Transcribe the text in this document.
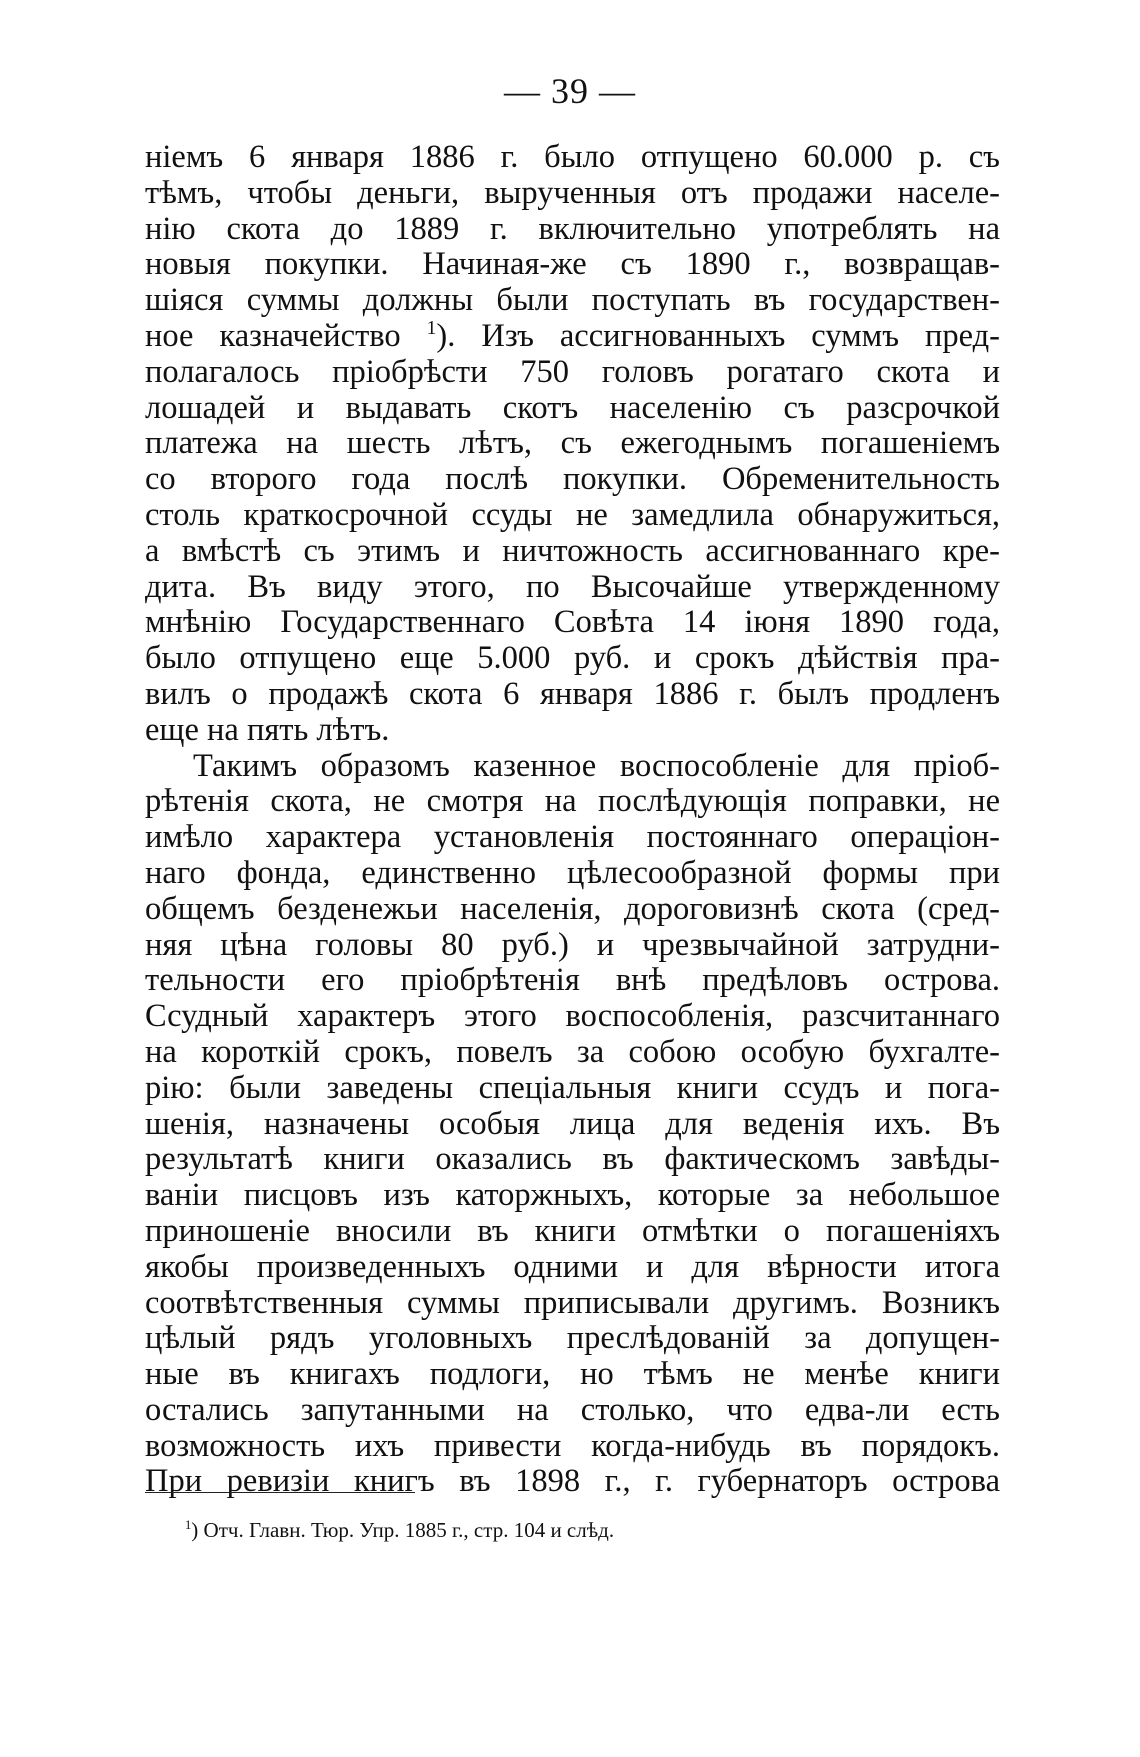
— 39 —
ніемъ 6 января 1886 г. было отпущено 60.000 р. съ
тѣмъ, чтобы деньги, вырученныя отъ продажи населе-
нію скота до 1889 г. включительно употреблять на
новыя покупки. Начиная-же съ 1890 г., возвращав-
шіяся суммы должны были поступать въ государствен-
ное казначейство $^1$). Изъ ассигнованныхъ суммъ пред-
полагалось пріобрѣсти 750 головъ рогатаго скота и
лошадей и выдавать скотъ населенію съ разсрочкой
платежа на шесть лѣтъ, съ ежегоднымъ погашеніемъ
со второго года послѣ покупки. Обременительность
столь краткосрочной ссуды не замедлила обнаружиться,
а вмѣстѣ съ этимъ и ничтожность ассигнованнаго кре-
дита. Въ виду этого, по Высочайше утвержденному
мнѣнію Государственнаго Совѣта 14 іюня 1890 года,
было отпущено еще 5.000 руб. и срокъ дѣйствія пра-
вилъ о продажѣ скота 6 января 1886 г. былъ продленъ
еще на пять лѣтъ.
Такимъ образомъ казенное воспособленіе для пріоб-
рѣтенія скота, не смотря на послѣдующія поправки, не
имѣло характера установленія постояннаго операціон-
наго фонда, единственно цѣлесообразной формы при
общемъ безденежьи населенія, дороговизнѣ скота (сред-
няя цѣна головы 80 руб.) и чрезвычайной затрудни-
тельности его пріобрѣтенія внѣ предѣловъ острова.
Ссудный характеръ этого воспособленія, разсчитаннаго
на короткій срокъ, повелъ за собою особую бухгалте-
рію: были заведены спеціальныя книги ссудъ и пога-
шенія, назначены особыя лица для веденія ихъ. Въ
результатѣ книги оказались въ фактическомъ завѣды-
ваніи писцовъ изъ каторжныхъ, которые за небольшое
приношеніе вносили въ книги отмѣтки о погашеніяхъ
якобы произведенныхъ одними и для вѣрности итога
соотвѣтственныя суммы приписывали другимъ. Возникъ
цѣлый рядъ уголовныхъ преслѣдованій за допущен-
ные въ книгахъ подлоги, но тѣмъ не менѣе книги
остались запутанными на столько, что едва-ли есть
возможность ихъ привести когда-нибудь въ порядокъ.
При ревизіи книгъ въ 1898 г., г. губернаторъ острова
$^1$) Отч. Главн. Тюр. Упр. 1885 г., стр. 104 и слѣд.
